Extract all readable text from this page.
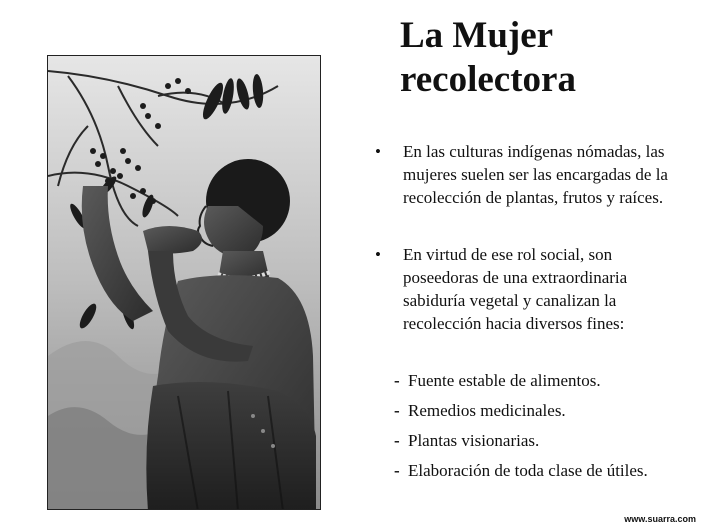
La Mujer
recolectora
• En las culturas indígenas nómadas, las mujeres suelen ser las encargadas de la recolección de plantas, frutos y raíces.
• En virtud de ese rol social, son poseedoras de una extraordinaria sabiduría vegetal y canalizan la recolección hacia diversos fines:
- Fuente estable de alimentos.
- Remedios medicinales.
- Plantas visionarias.
- Elaboración de toda clase de útiles.
www.suarra.com
